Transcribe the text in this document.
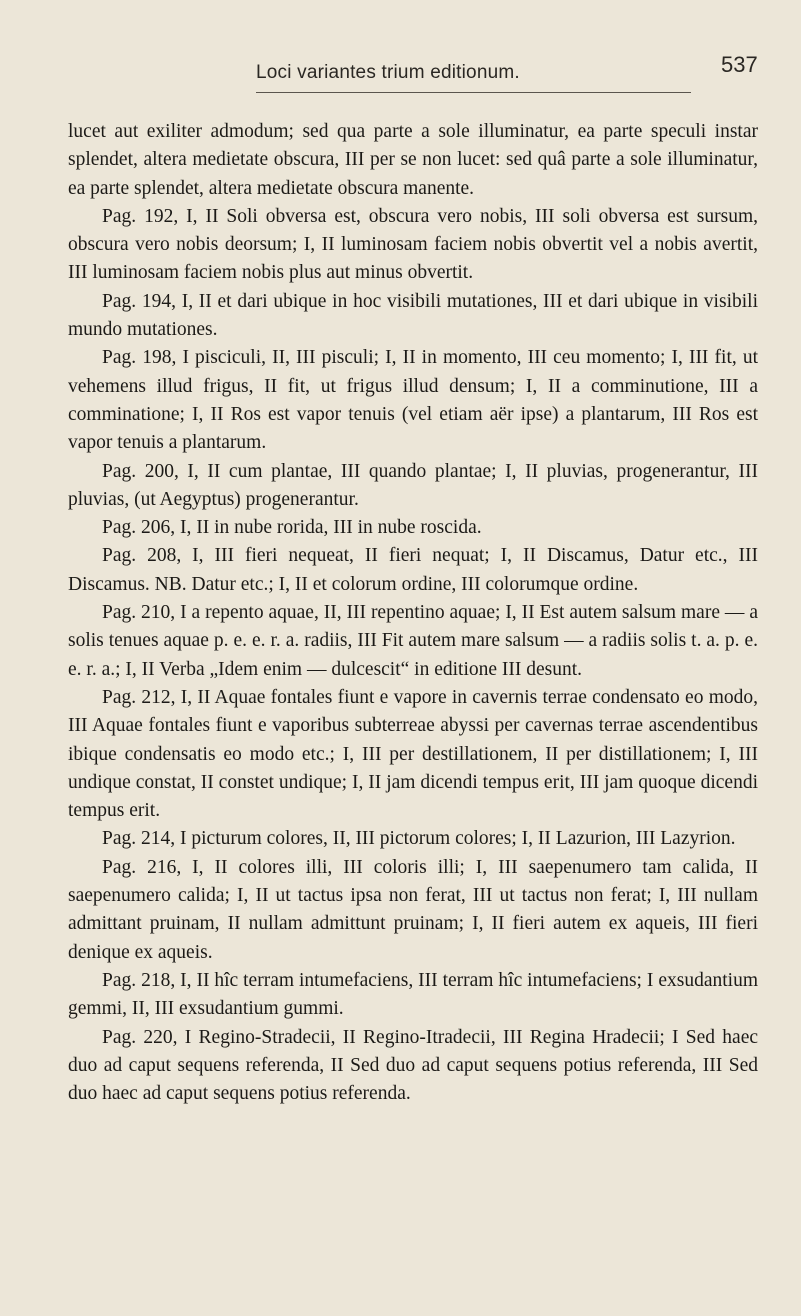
Loci variantes trium editionum.	537

lucet aut exiliter admodum; sed qua parte a sole illuminatur, ea parte speculi instar splendet, altera medietate obscura, III per se non lucet: sed quâ parte a sole illuminatur, ea parte splendet, altera medietate obscura manente.

Pag. 192, I, II Soli obversa est, obscura vero nobis, III soli obversa est sursum, obscura vero nobis deorsum; I, II luminosam faciem nobis obvertit vel a nobis avertit, III luminosam faciem nobis plus aut minus obvertit.

Pag. 194, I, II et dari ubique in hoc visibili mutationes, III et dari ubique in visibili mundo mutationes.

Pag. 198, I pisciculi, II, III pisculi; I, II in momento, III ceu momento; I, III fit, ut vehemens illud frigus, II fit, ut frigus illud densum; I, II a comminutione, III a comminatione; I, II Ros est vapor tenuis (vel etiam aër ipse) a plantarum, III Ros est vapor tenuis a plantarum.

Pag. 200, I, II cum plantae, III quando plantae; I, II pluvias, progenerantur, III pluvias, (ut Aegyptus) progenerantur.

Pag. 206, I, II in nube rorida, III in nube roscida.

Pag. 208, I, III fieri nequeat, II fieri nequat; I, II Discamus, Datur etc., III Discamus. NB. Datur etc.; I, II et colorum ordine, III colorumque ordine.

Pag. 210, I a repento aquae, II, III repentino aquae; I, II Est autem salsum mare — a solis tenues aquae p. e. e. r. a. radiis, III Fit autem mare salsum — a radiis solis t. a. p. e. e. r. a.; I, II Verba „Idem enim — dulcescit“ in editione III desunt.

Pag. 212, I, II Aquae fontales fiunt e vapore in cavernis terrae condensato eo modo, III Aquae fontales fiunt e vaporibus subterreae abyssi per cavernas terrae ascendentibus ibique condensatis eo modo etc.; I, III per destillationem, II per distillationem; I, III undique constat, II constet undique; I, II jam dicendi tempus erit, III jam quoque dicendi tempus erit.

Pag. 214, I picturum colores, II, III pictorum colores; I, II Lazurion, III Lazyrion.

Pag. 216, I, II colores illi, III coloris illi; I, III saepenumero tam calida, II saepenumero calida; I, II ut tactus ipsa non ferat, III ut tactus non ferat; I, III nullam admittant pruinam, II nullam admittunt pruinam; I, II fieri autem ex aqueis, III fieri denique ex aqueis.

Pag. 218, I, II hîc terram intumefaciens, III terram hîc intumefaciens; I exsudantium gemmi, II, III exsudantium gummi.

Pag. 220, I Regino-Stradecii, II Regino-Itradecii, III Regina Hradecii; I Sed haec duo ad caput sequens referenda, II Sed duo ad caput sequens potius referenda, III Sed duo haec ad caput sequens potius referenda.
